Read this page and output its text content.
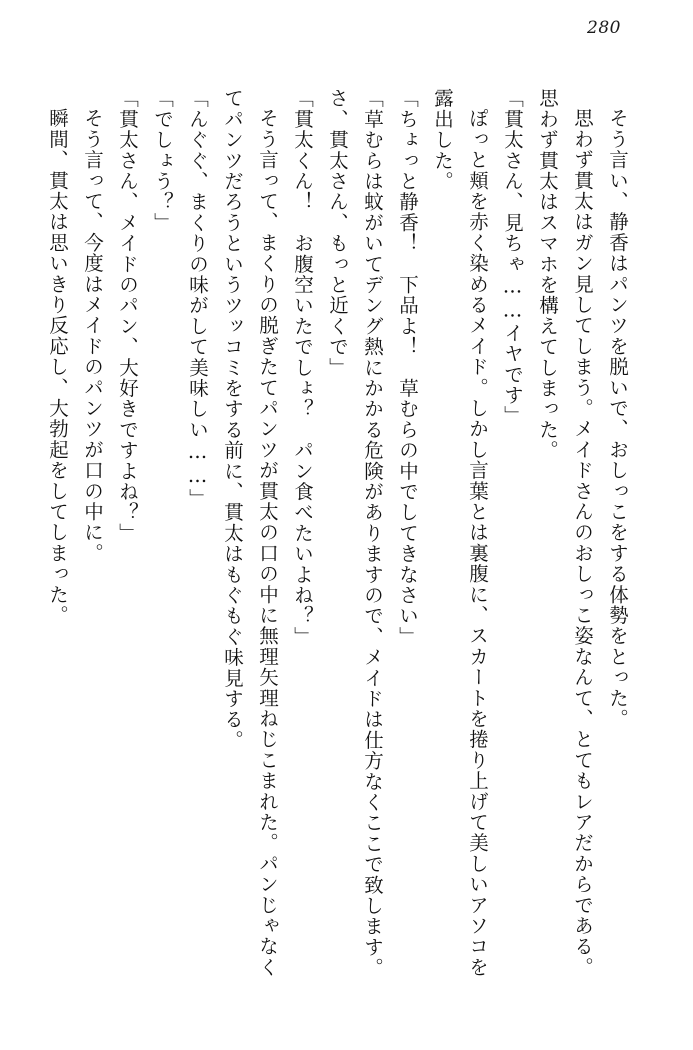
280

そう言い、静香はパンツを脱いで、おしっこをする体勢をとった。

思わず貫太はガン見してしまう。メイドさんのおしっこ姿なんて、とてもレアだからである。　思わず貫太はスマホを構えてしまった。

「貫太さん、見ちゃ……イヤです」

ぽっと頬を赤く染めるメイド。しかし言葉とは裏腹に、スカートを捲り上げて美しいアソコを露出した。

「ちょっと静香！　下品よ！　草むらの中でしてきなさい」

「草むらは蚊がいてデング熱にかかる危険がありますので、メイドは仕方なくここで致します。さ、貫太さん、もっと近くで」

「貫太くん！　お腹空いたでしょ？　パン食べたいよね？」

そう言って、まくりの脱ぎたてパンツが貫太の口の中に無理矢理ねじこまれた。パンじゃなくてパンツだろうというツッコミをする前に、貫太はもぐもぐ味見する。

「んぐぐ、まくりの味がして美味しい……」

「でしょう？」

「貫太さん、メイドのパン、大好きですよね？」

そう言って、今度はメイドのパンツが口の中に。

瞬間、貫太は思いきり反応し、大勃起をしてしまった。
